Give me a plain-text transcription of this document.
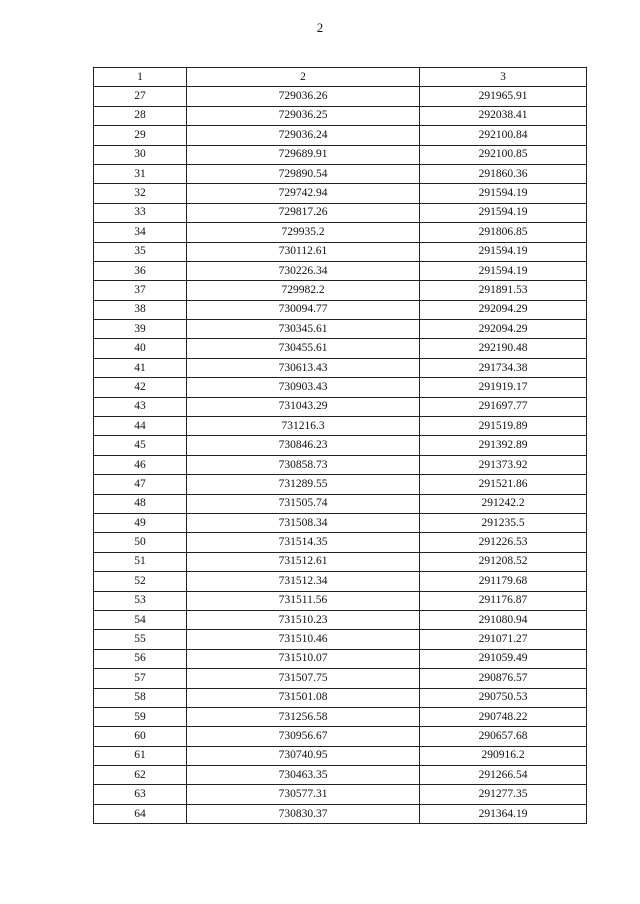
2
1	2	3
27	729036.26	291965.91
28	729036.25	292038.41
29	729036.24	292100.84
30	729689.91	292100.85
31	729890.54	291860.36
32	729742.94	291594.19
33	729817.26	291594.19
34	729935.2	291806.85
35	730112.61	291594.19
36	730226.34	291594.19
37	729982.2	291891.53
38	730094.77	292094.29
39	730345.61	292094.29
40	730455.61	292190.48
41	730613.43	291734.38
42	730903.43	291919.17
43	731043.29	291697.77
44	731216.3	291519.89
45	730846.23	291392.89
46	730858.73	291373.92
47	731289.55	291521.86
48	731505.74	291242.2
49	731508.34	291235.5
50	731514.35	291226.53
51	731512.61	291208.52
52	731512.34	291179.68
53	731511.56	291176.87
54	731510.23	291080.94
55	731510.46	291071.27
56	731510.07	291059.49
57	731507.75	290876.57
58	731501.08	290750.53
59	731256.58	290748.22
60	730956.67	290657.68
61	730740.95	290916.2
62	730463.35	291266.54
63	730577.31	291277.35
64	730830.37	291364.19
